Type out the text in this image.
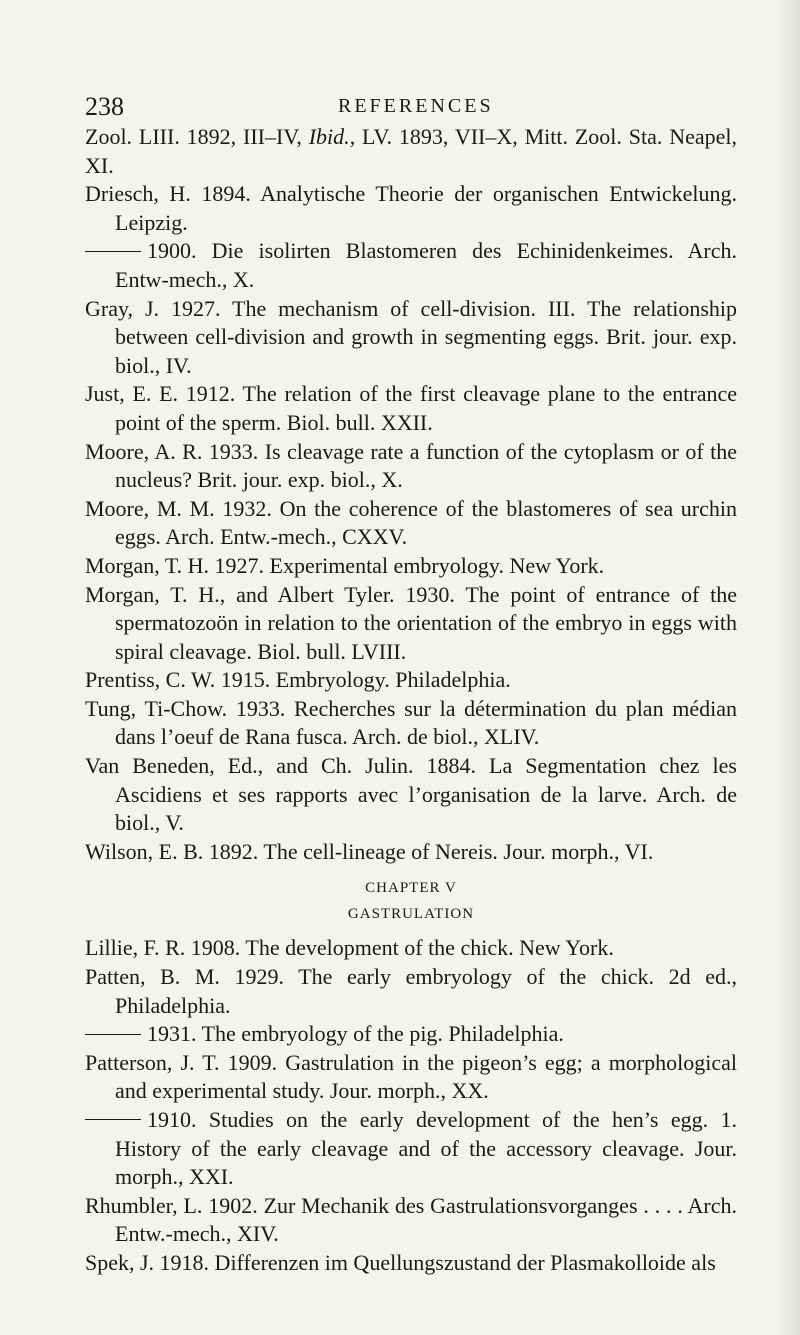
238	REFERENCES
Zool. LIII. 1892, III–IV, Ibid., LV. 1893, VII–X, Mitt. Zool. Sta. Neapel, XI.
Driesch, H. 1894. Analytische Theorie der organischen Entwickelung. Leipzig.
1900. Die isolirten Blastomeren des Echinidenkeimes. Arch. Entw-mech., X.
Gray, J. 1927. The mechanism of cell-division. III. The relationship between cell-division and growth in segmenting eggs. Brit. jour. exp. biol., IV.
Just, E. E. 1912. The relation of the first cleavage plane to the entrance point of the sperm. Biol. bull. XXII.
Moore, A. R. 1933. Is cleavage rate a function of the cytoplasm or of the nucleus? Brit. jour. exp. biol., X.
Moore, M. M. 1932. On the coherence of the blastomeres of sea urchin eggs. Arch. Entw.-mech., CXXV.
Morgan, T. H. 1927. Experimental embryology. New York.
Morgan, T. H., and Albert Tyler. 1930. The point of entrance of the spermatozoön in relation to the orientation of the embryo in eggs with spiral cleavage. Biol. bull. LVIII.
Prentiss, C. W. 1915. Embryology. Philadelphia.
Tung, Ti-Chow. 1933. Recherches sur la détermination du plan médian dans l’oeuf de Rana fusca. Arch. de biol., XLIV.
Van Beneden, Ed., and Ch. Julin. 1884. La Segmentation chez les Ascidiens et ses rapports avec l’organisation de la larve. Arch. de biol., V.
Wilson, E. B. 1892. The cell-lineage of Nereis. Jour. morph., VI.
CHAPTER V
GASTRULATION
Lillie, F. R. 1908. The development of the chick. New York.
Patten, B. M. 1929. The early embryology of the chick. 2d ed., Philadelphia.
1931. The embryology of the pig. Philadelphia.
Patterson, J. T. 1909. Gastrulation in the pigeon’s egg; a morphological and experimental study. Jour. morph., XX.
1910. Studies on the early development of the hen’s egg. 1. History of the early cleavage and of the accessory cleavage. Jour. morph., XXI.
Rhumbler, L. 1902. Zur Mechanik des Gastrulationsvorganges . . . . Arch. Entw.-mech., XIV.
Spek, J. 1918. Differenzen im Quellungszustand der Plasmakolloide als
